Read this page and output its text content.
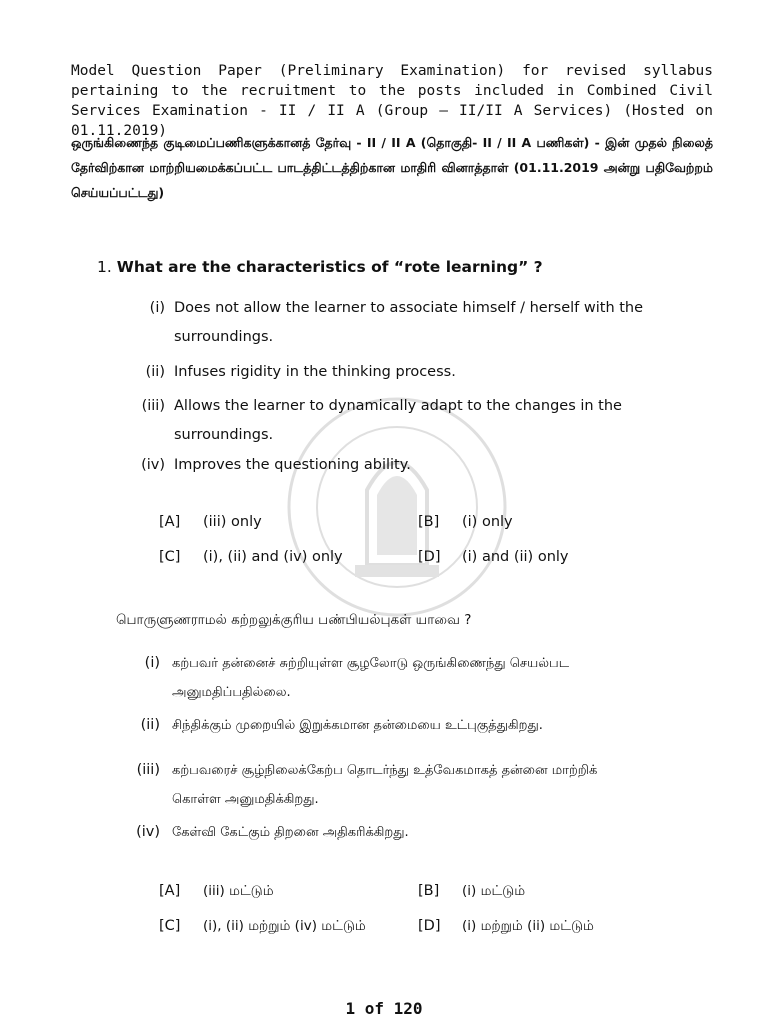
Model Question Paper (Preliminary Examination) for revised syllabus pertaining to the recruitment to the posts included in Combined Civil Services Examination - II / II A (Group – II/II A Services) (Hosted on 01.11.2019)
ஒருங்கிணைந்த குடிமைப்பணிகளுக்கானத் தேர்வு - II / II A (தொகுதி- II / II A பணிகள்) - இன் முதல் நிலைத் தேர்விற்கான மாற்றியமைக்கப்பட்ட பாடத்திட்டத்திற்கான மாதிரி வினாத்தாள் (01.11.2019 அன்று பதிவேற்றம் செய்யப்பட்டது)
1. What are the characteristics of “rote learning” ?
(i) Does not allow the learner to associate himself / herself with the surroundings.
(ii) Infuses rigidity in the thinking process.
(iii) Allows the learner to dynamically adapt to the changes in the surroundings.
(iv) Improves the questioning ability.
[A] (iii) only	[B] (i) only
[C] (i), (ii) and (iv) only	[D] (i) and (ii) only
பொருளுணராமல் கற்றலுக்குரிய பண்பியல்புகள் யாவை ?
(i) கற்பவர் தன்னைச் சுற்றியுள்ள சூழலோடு ஒருங்கிணைந்து செயல்பட அனுமதிப்பதில்லை.
(ii) சிந்திக்கும் முறையில் இறுக்கமான தன்மையை உட்புகுத்துகிறது.
(iii) கற்பவரைச் சூழ்நிலைக்கேற்ப தொடர்ந்து உத்வேகமாகத் தன்னை மாற்றிக் கொள்ள அனுமதிக்கிறது.
(iv) கேள்வி கேட்கும் திறனை அதிகரிக்கிறது.
[A] (iii) மட்டும்	[B] (i) மட்டும்
[C] (i), (ii) மற்றும் (iv) மட்டும்	[D] (i) மற்றும் (ii) மட்டும்
1 of 120
